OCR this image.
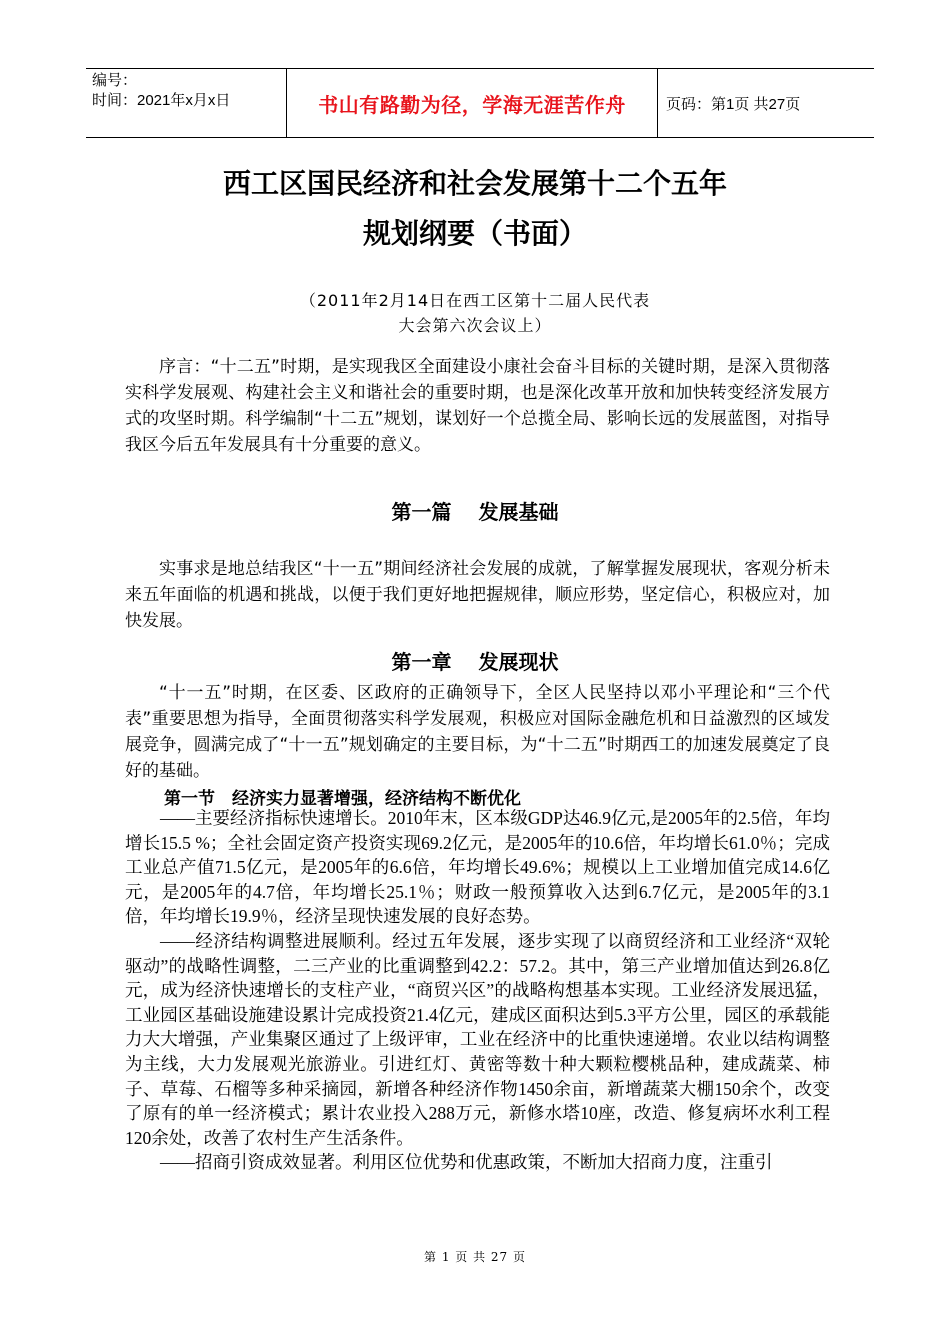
编号：
时间：2021年x月x日	书山有路勤为径，学海无涯苦作舟	页码：第1页 共27页
西工区国民经济和社会发展第十二个五年
规划纲要（书面）
（2011年2月14日在西工区第十二届人民代表
大会第六次会议上）

序言：“十二五”时期，是实现我区全面建设小康社会奋斗目标的关键时期，是深入贯彻落实科学发展观、构建社会主义和谐社会的重要时期，也是深化改革开放和加快转变经济发展方式的攻坚时期。科学编制“十二五”规划，谋划好一个总揽全局、影响长远的发展蓝图，对指导我区今后五年发展具有十分重要的意义。

第一篇　 发展基础

实事求是地总结我区“十一五”期间经济社会发展的成就，了解掌握发展现状，客观分析未来五年面临的机遇和挑战，以便于我们更好地把握规律，顺应形势，坚定信心，积极应对，加快发展。

第一章　 发展现状

“十一五”时期，在区委、区政府的正确领导下，全区人民坚持以邓小平理论和“三个代表”重要思想为指导，全面贯彻落实科学发展观，积极应对国际金融危机和日益激烈的区域发展竞争，圆满完成了“十一五”规划确定的主要目标，为“十二五”时期西工的加速发展奠定了良好的基础。

第一节　经济实力显著增强，经济结构不断优化

——主要经济指标快速增长。2010年末，区本级GDP达46.9亿元,是2005年的2.5倍，年均增长15.5 %；全社会固定资产投资实现69.2亿元，是2005年的10.6倍，年均增长61.0％；完成工业总产值71.5亿元，是2005年的6.6倍，年均增长49.6%；规模以上工业增加值完成14.6亿元，是2005年的4.7倍，年均增长25.1％；财政一般预算收入达到6.7亿元，是2005年的3.1倍，年均增长19.9％，经济呈现快速发展的良好态势。

——经济结构调整进展顺利。经过五年发展，逐步实现了以商贸经济和工业经济“双轮驱动”的战略性调整，二三产业的比重调整到42.2：57.2。其中，第三产业增加值达到26.8亿元，成为经济快速增长的支柱产业，“商贸兴区”的战略构想基本实现。工业经济发展迅猛，工业园区基础设施建设累计完成投资21.4亿元，建成区面积达到5.3平方公里，园区的承载能力大大增强，产业集聚区通过了上级评审，工业在经济中的比重快速递增。农业以结构调整为主线，大力发展观光旅游业。引进红灯、黄密等数十种大颗粒樱桃品种，建成蔬菜、柿子、草莓、石榴等多种采摘园，新增各种经济作物1450余亩，新增蔬菜大棚150余个，改变了原有的单一经济模式；累计农业投入288万元，新修水塔10座，改造、修复病坏水利工程120余处，改善了农村生产生活条件。

——招商引资成效显著。利用区位优势和优惠政策，不断加大招商力度，注重引

第 1 页 共 27 页
